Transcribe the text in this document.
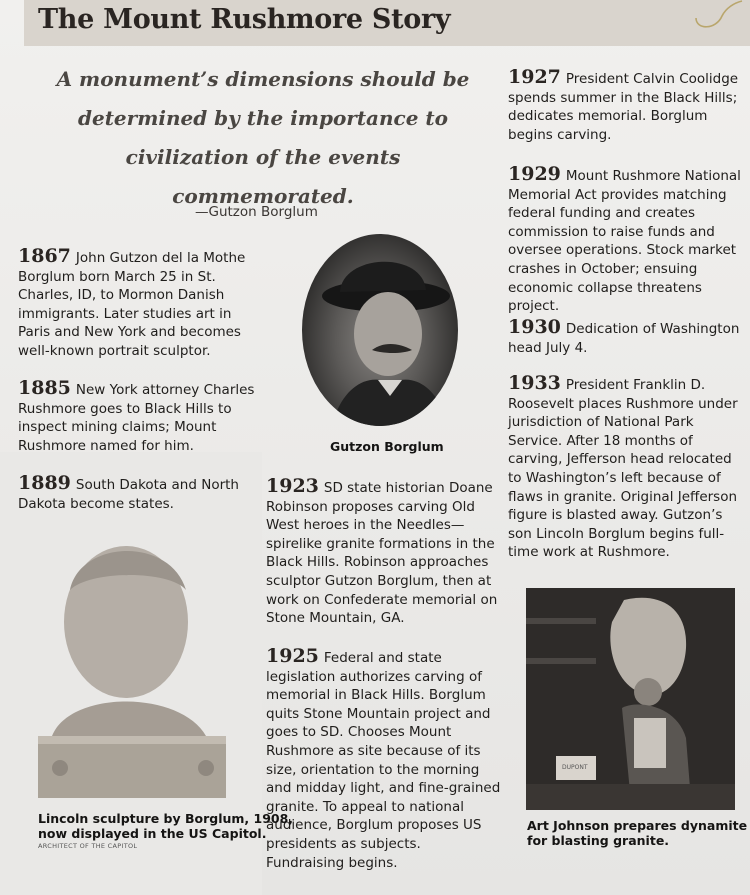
The Mount Rushmore Story

A monument’s dimensions should be determined by the importance to civilization of the events commemorated.

—Gutzon Borglum

1867 John Gutzon del la Mothe Borglum born March 25 in St. Charles, ID, to Mormon Danish immigrants. Later studies art in Paris and New York and becomes well-known portrait sculptor.

1885 New York attorney Charles Rushmore goes to Black Hills to inspect mining claims; Mount Rushmore named for him.

1889 South Dakota and North Dakota become states.

1923 SD state historian Doane Robinson proposes carving Old West heroes in the Needles—spirelike granite formations in the Black Hills. Robinson approaches sculptor Gutzon Borglum, then at work on Confederate memorial on Stone Mountain, GA.

1925 Federal and state legislation authorizes carving of memorial in Black Hills. Borglum quits Stone Mountain project and goes to SD. Chooses Mount Rushmore as site because of its size, orientation to the morning and midday light, and fine-grained granite. To appeal to national audience, Borglum proposes US presidents as subjects. Fundraising begins.

1927 President Calvin Coolidge spends summer in the Black Hills; dedicates memorial. Borglum begins carving.

1929 Mount Rushmore National Memorial Act provides matching federal funding and creates commission to raise funds and oversee operations. Stock market crashes in October; ensuing economic collapse threatens project.

1930 Dedication of Washington head July 4.

1933 President Franklin D. Roosevelt places Rushmore under jurisdiction of National Park Service. After 18 months of carving, Jefferson head relocated to Washington’s left because of flaws in granite. Original Jefferson figure is blasted away. Gutzon’s son Lincoln Borglum begins full-time work at Rushmore.

Gutzon Borglum

Lincoln sculpture by Borglum, 1908,
now displayed in the US Capitol.

ARCHITECT OF THE CAPITOL
DUPONT

Art Johnson prepares dynamite
for blasting granite.
